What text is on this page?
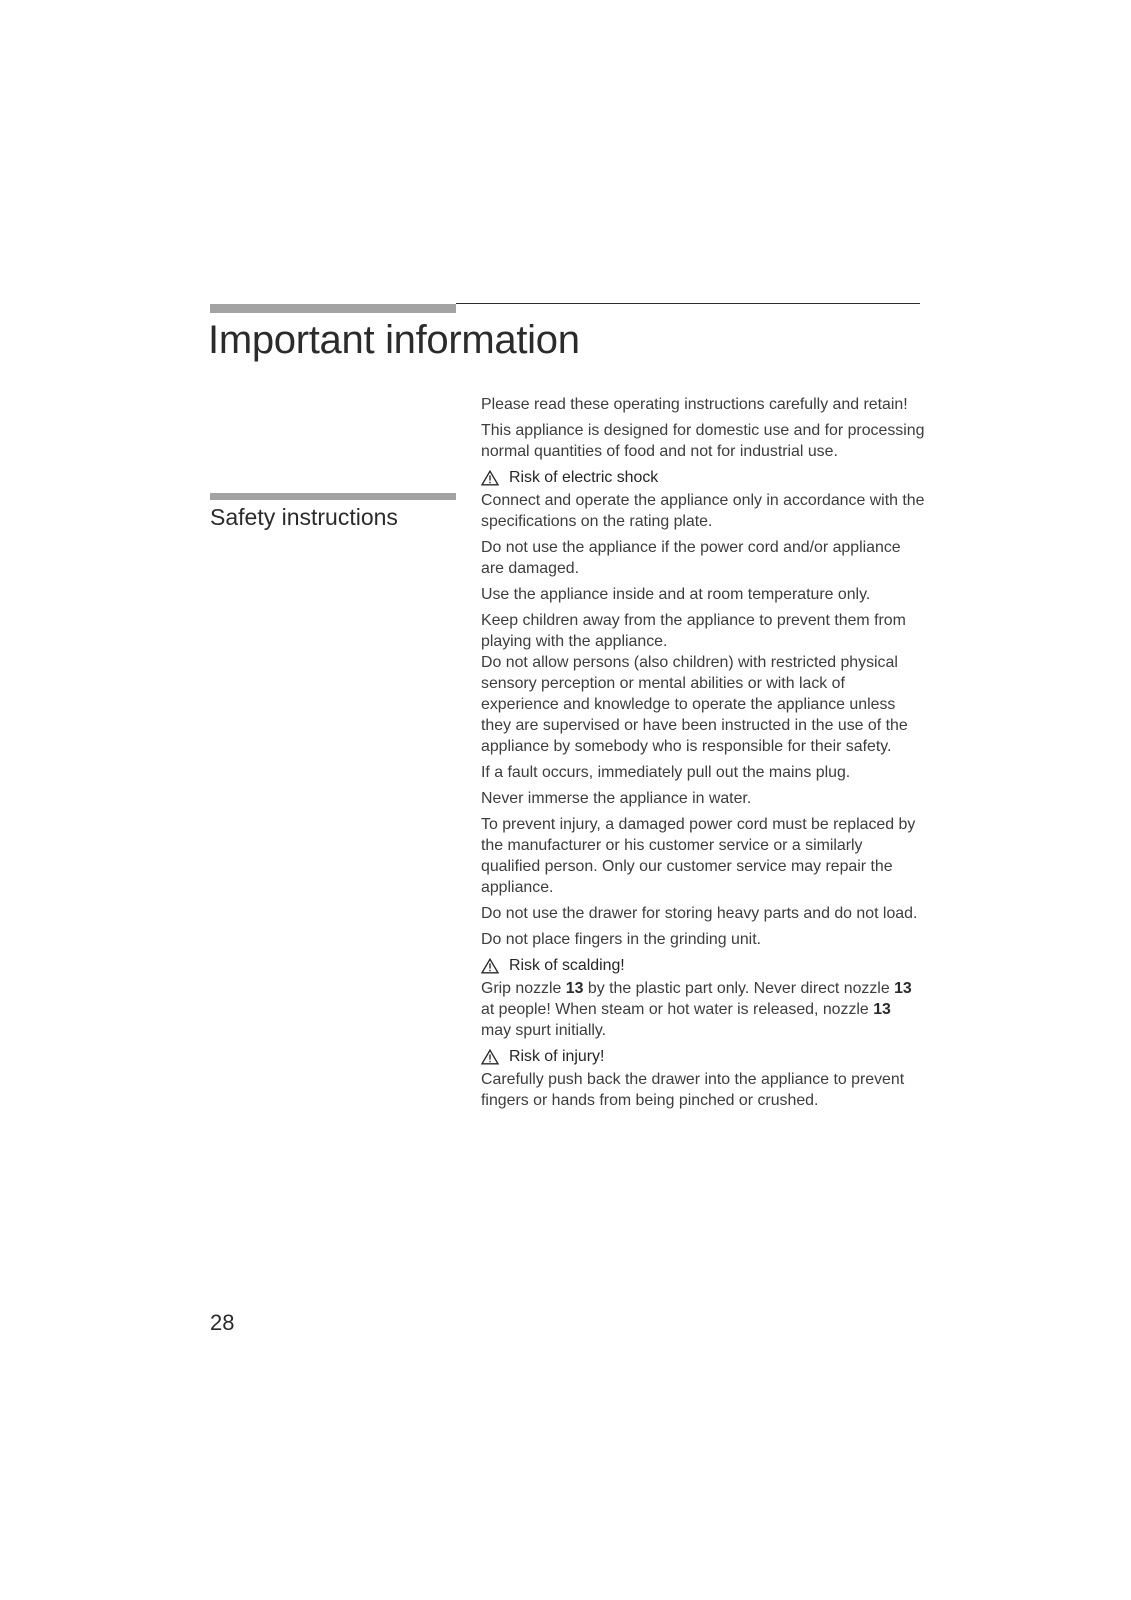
Important information
Safety instructions

Please read these operating instructions carefully and retain!

This appliance is designed for domestic use and for processing normal quantities of food and not for industrial use.

Risk of electric shock

Connect and operate the appliance only in accordance with the specifications on the rating plate.

Do not use the appliance if the power cord and/or appliance are damaged.

Use the appliance inside and at room temperature only.

Keep children away from the appliance to prevent them from playing with the appliance.

Do not allow persons (also children) with restricted physical sensory perception or mental abilities or with lack of experience and knowledge to operate the appliance unless they are supervised or have been instructed in the use of the appliance by somebody who is responsible for their safety.

If a fault occurs, immediately pull out the mains plug.

Never immerse the appliance in water.

To prevent injury, a damaged power cord must be replaced by the manufacturer or his customer service or a similarly qualified person. Only our customer service may repair the appliance.

Do not use the drawer for storing heavy parts and do not load.

Do not place fingers in the grinding unit.

Risk of scalding!

Grip nozzle 13 by the plastic part only. Never direct nozzle 13 at people! When steam or hot water is released, nozzle 13 may spurt initially.

Risk of injury!

Carefully push back the drawer into the appliance to prevent fingers or hands from being pinched or crushed.

28
